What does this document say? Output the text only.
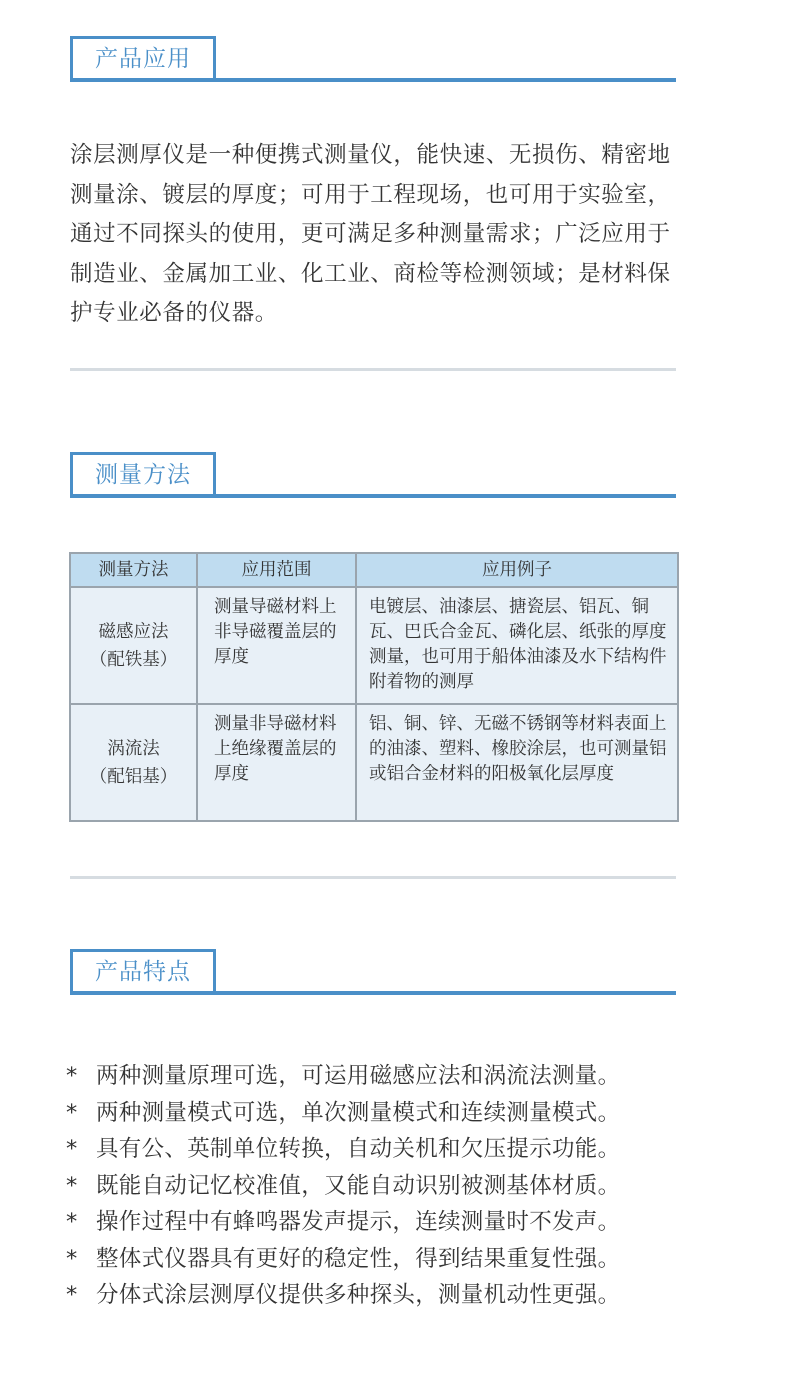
产品应用

涂层测厚仪是一种便携式测量仪，能快速、无损伤、精密地测量涂、镀层的厚度；可用于工程现场，也可用于实验室，通过不同探头的使用，更可满足多种测量需求；广泛应用于制造业、金属加工业、化工业、商检等检测领域；是材料保护专业必备的仪器。

测量方法
测量方法	应用范围	应用例子

磁感应法
（配铁基）	测量导磁材料上非导磁覆盖层的厚度	电镀层、油漆层、搪瓷层、铝瓦、铜瓦、巴氏合金瓦、磷化层、纸张的厚度测量，也可用于船体油漆及水下结构件附着物的测厚

涡流法
（配铝基）	测量非导磁材料上绝缘覆盖层的厚度	铝、铜、锌、无磁不锈钢等材料表面上的油漆、塑料、橡胶涂层，也可测量铝或铝合金材料的阳极氧化层厚度
产品特点
* 两种测量原理可选，可运用磁感应法和涡流法测量。
* 两种测量模式可选，单次测量模式和连续测量模式。
* 具有公、英制单位转换，自动关机和欠压提示功能。
* 既能自动记忆校准值，又能自动识别被测基体材质。
* 操作过程中有蜂鸣器发声提示，连续测量时不发声。
* 整体式仪器具有更好的稳定性，得到结果重复性强。
* 分体式涂层测厚仪提供多种探头，测量机动性更强。
